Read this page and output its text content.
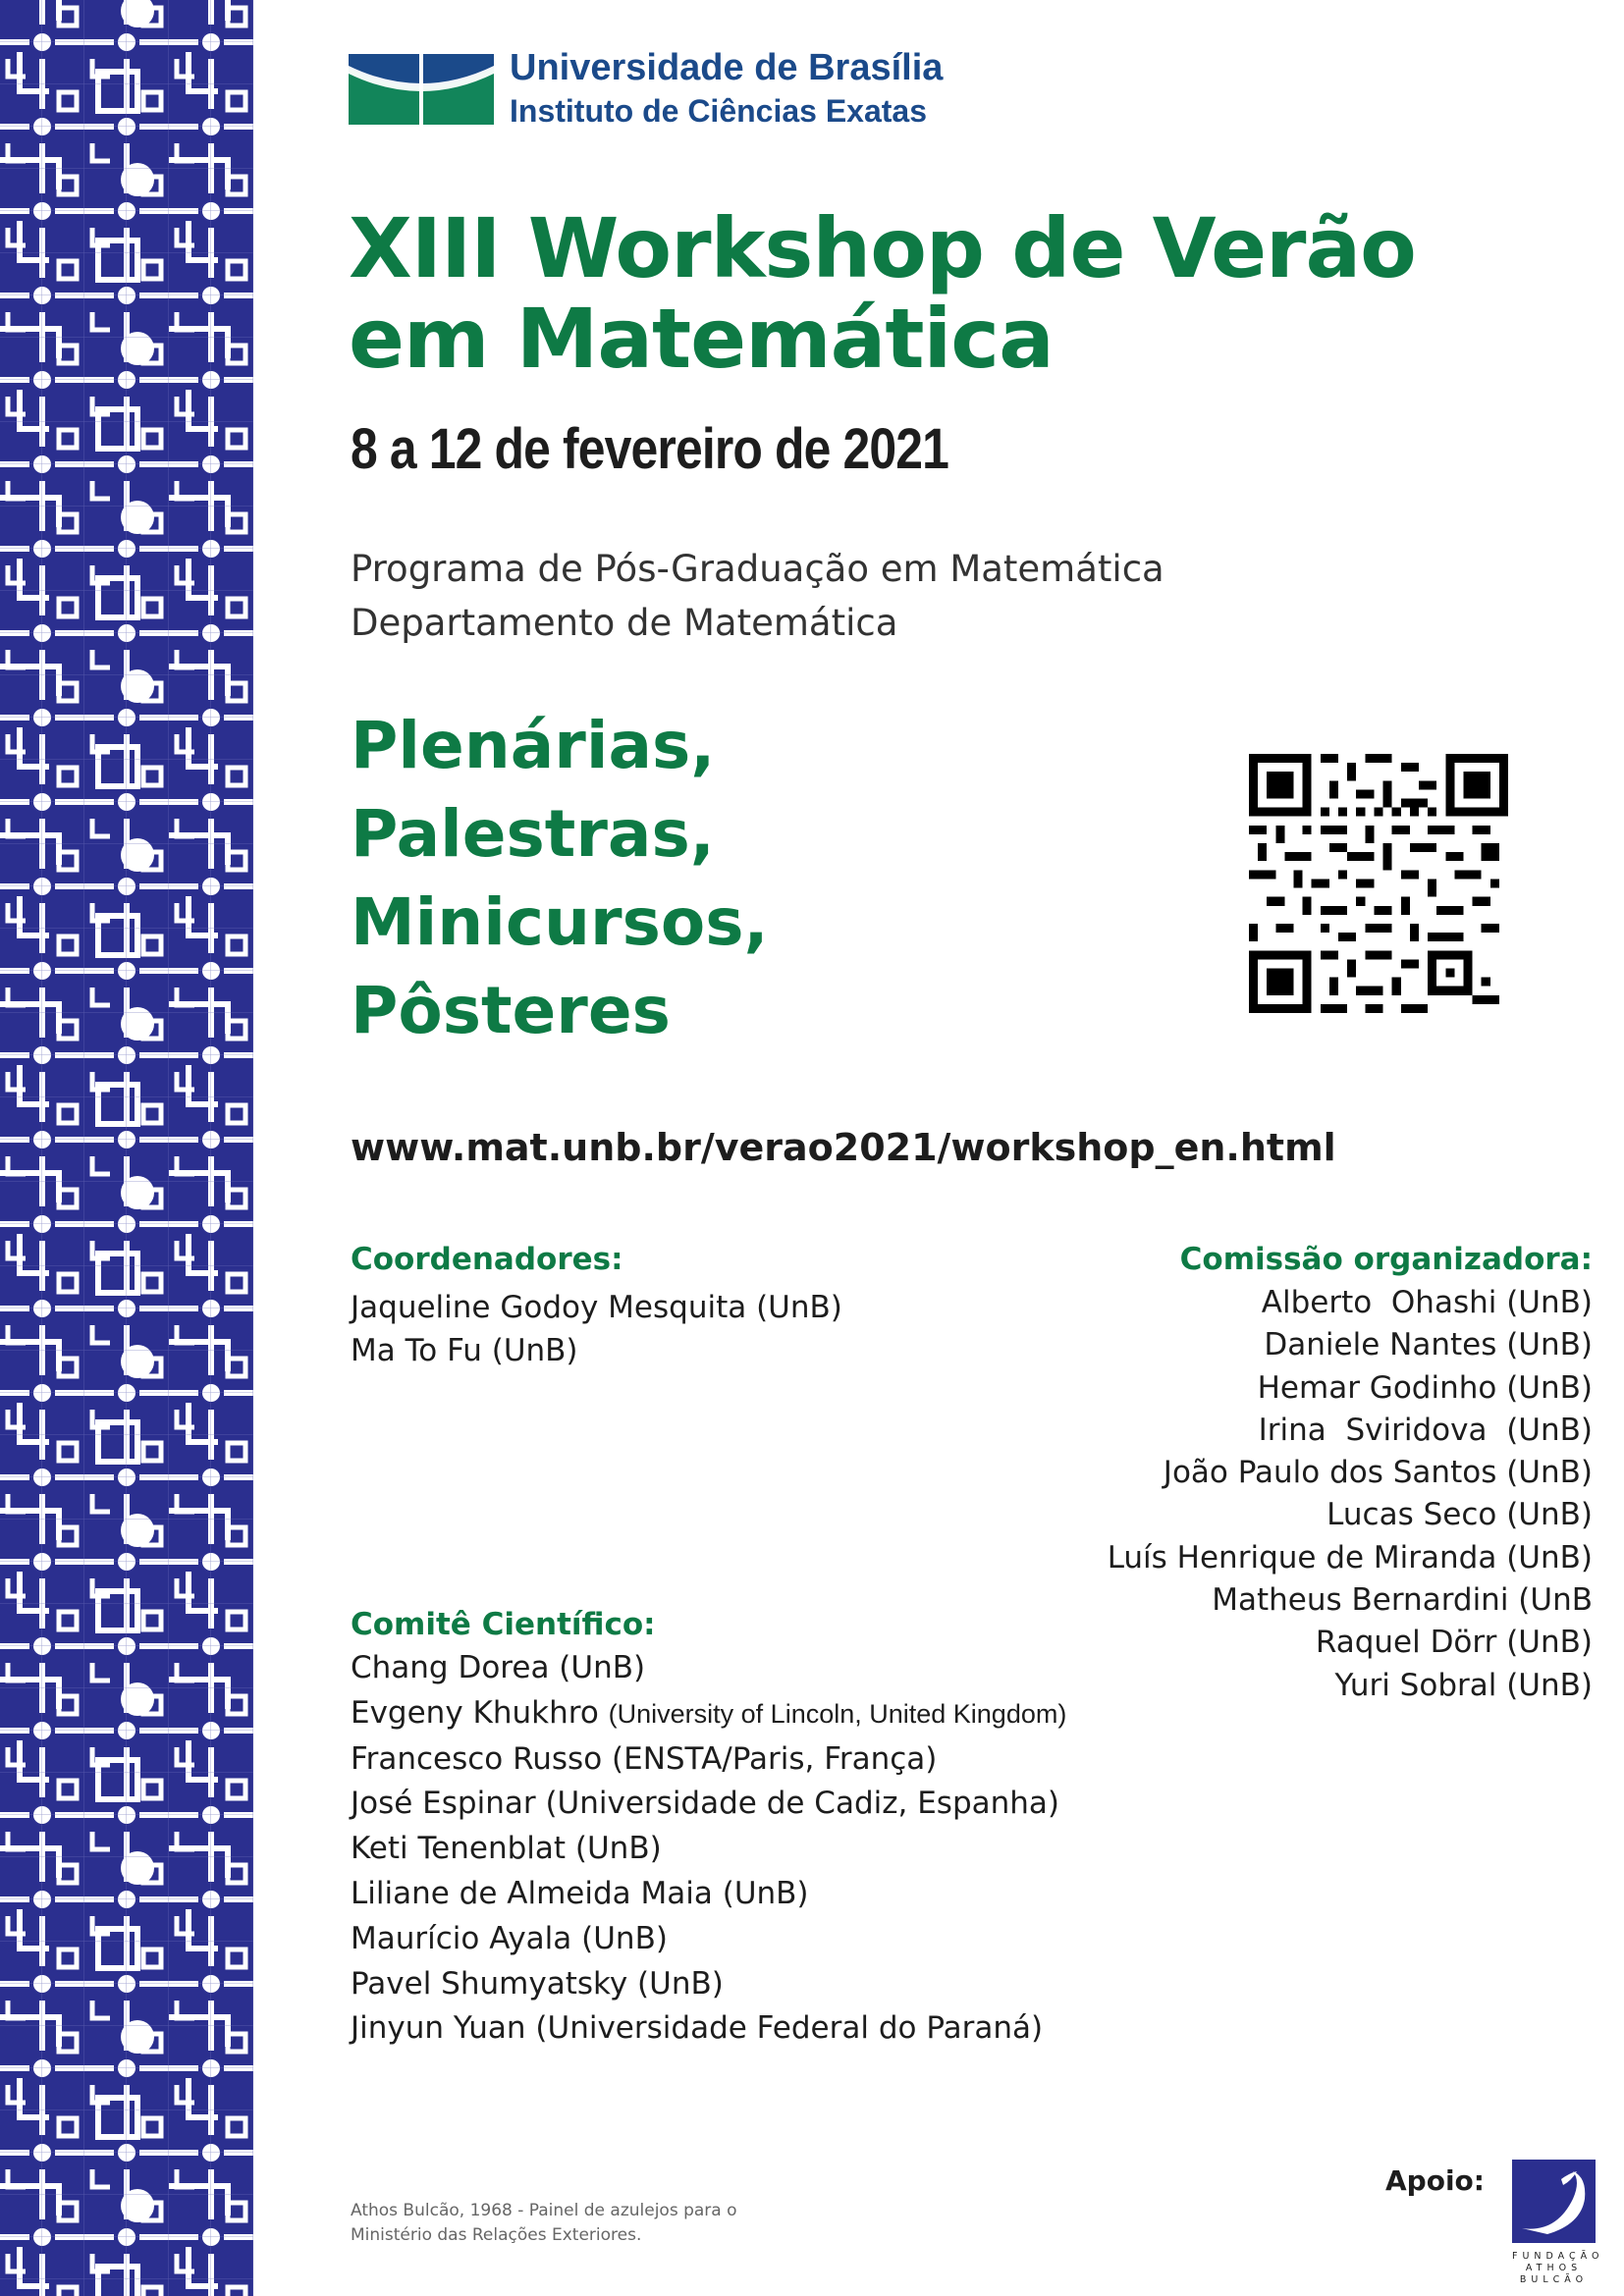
Universidade de Brasília
Instituto de Ciências Exatas
XIII Workshop de Verão
em Matemática
8 a 12 de fevereiro de 2021
Programa de Pós-Graduação em Matemática
Departamento de Matemática
Plenárias,
Palestras,
Minicursos,
Pôsteres
www.mat.unb.br/verao2021/workshop_en.html
Coordenadores:
Jaqueline Godoy Mesquita (UnB)
Ma To Fu (UnB)
Comissão organizadora:
Alberto  Ohashi (UnB)
Daniele Nantes (UnB)
Hemar Godinho (UnB)
Irina  Sviridova  (UnB)
João Paulo dos Santos (UnB)
Lucas Seco (UnB)
Luís Henrique de Miranda (UnB)
Matheus Bernardini (UnB
Raquel Dörr (UnB)
Yuri Sobral (UnB)
Comitê Científico:
Chang Dorea (UnB)
Evgeny Khukhro (University of Lincoln, United Kingdom)
Francesco Russo (ENSTA/Paris, França)
José Espinar (Universidade de Cadiz, Espanha)
Keti Tenenblat (UnB)
Liliane de Almeida Maia (UnB)
Maurício Ayala (UnB)
Pavel Shumyatsky (UnB)
Jinyun Yuan (Universidade Federal do Paraná)
Athos Bulcão, 1968 - Painel de azulejos para o
Ministério das Relações Exteriores.
Apoio:
FUNDAÇÃO
ATHOS
BULCÃO
